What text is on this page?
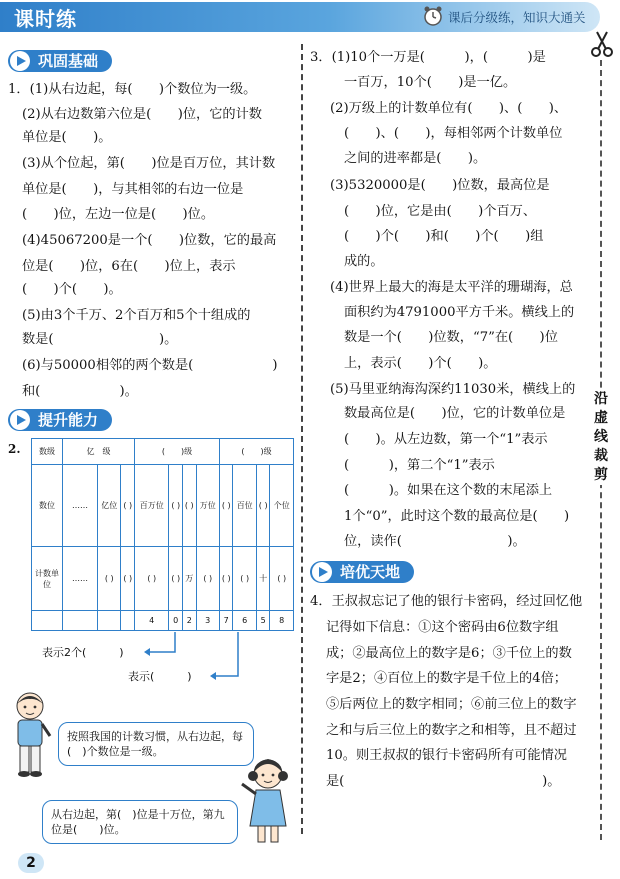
课时练	课后分级练，知识大通关
沿虚线裁剪
巩固基础
1．(1)从右边起，每(　　)个数位为一级。
(2)从右边数第六位是(　　)位，它的计数
单位是(　　)。
(3)从个位起，第(　　)位是百万位，其计数
单位是(　　)，与其相邻的右边一位是
(　　)位，左边一位是(　　)位。
(4)45067200是一个(　　)位数，它的最高
位是(　　)位，6在(　　)位上，表示
(　　)个(　　)。
(5)由3个千万、2个百万和5个十组成的
数是(　　　　　　　　)。
(6)与50000相邻的两个数是(　　　　　　)
和(　　　　　　)。
提升能力
2. 数级	亿　级			(　　)级				(　　)级			
数位	……	亿位	( )	百万位	( )	( )	万位	( )	百位	( )	个位
计数单位	……	( )	( )	( )	( )	万	( )	( )	( )	十	( )
				4	0	2	3	7	6	5	8
表示2个(　　　)
表示(　　　)
按照我国的计数习惯，从右边起，每(　)个数位是一级。
从右边起，第(　)位是十万位，第九位是(　　)位。
2
3．(1)10个一万是(　　　)，(　　　)是
一百万，10个(　　)是一亿。
(2)万级上的计数单位有(　　)、(　　)、
(　　)、(　　)，每相邻两个计数单位
之间的进率都是(　　)。
(3)5320000是(　　)位数，最高位是
(　　)位，它是由(　　)个百万、
(　　)个(　　)和(　　)个(　　)组
成的。
(4)世界上最大的海是太平洋的珊瑚海，总
面积约为4791000平方千米。横线上的
数是一个(　　)位数，“7”在(　　)位
上，表示(　　)个(　　)。
(5)马里亚纳海沟深约11030米，横线上的
数最高位是(　　)位，它的计数单位是
(　　)。从左边数，第一个“1”表示
(　　　)，第二个“1”表示
(　　　)。如果在这个数的末尾添上
1个“0”，此时这个数的最高位是(　　)
位，读作(　　　　　　　　)。
培优天地
4．王叔叔忘记了他的银行卡密码，经过回忆他
记得如下信息：①这个密码由6位数字组
成；②最高位上的数字是6；③千位上的数
字是2；④百位上的数字是千位上的4倍；
⑤后两位上的数字相同；⑥前三位上的数字
之和与后三位上的数字之和相等，且不超过
10。则王叔叔的银行卡密码所有可能情况
是(　　　　　　　　　　　　　　　)。
